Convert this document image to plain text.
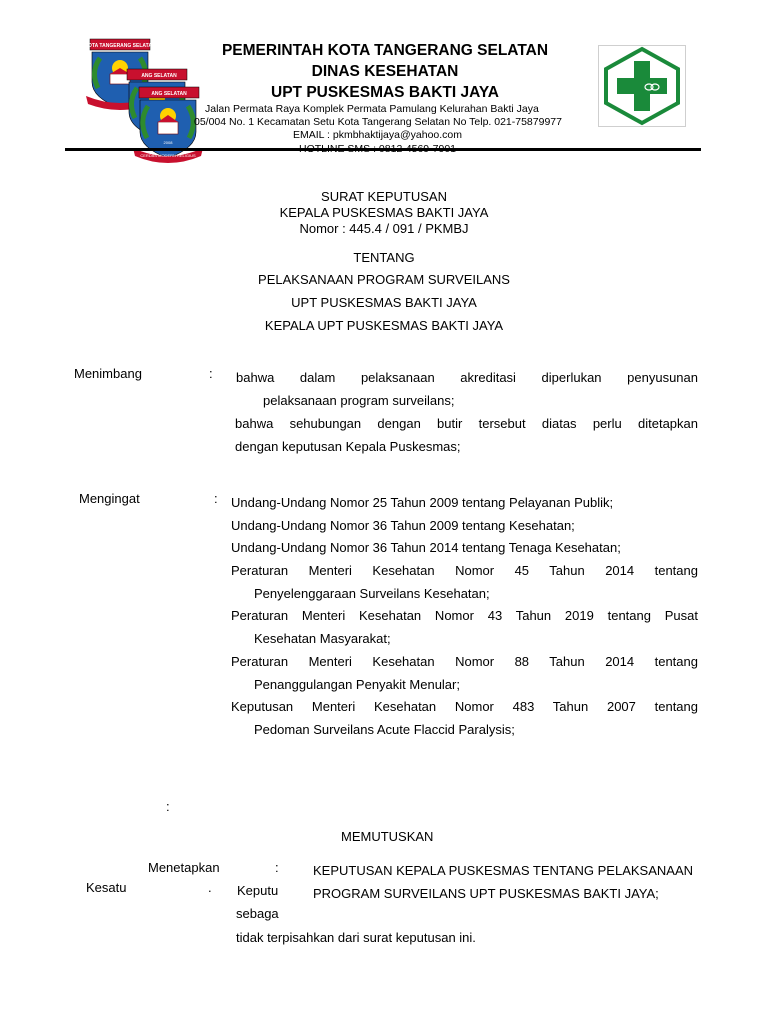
KOTA TANGERANG SELATAN
ANG SELATAN
ANG SELATAN
2008
CERDAS MODERN RELIGIUS
PEMERINTAH KOTA TANGERANG SELATAN
DINAS KESEHATAN
UPT PUSKESMAS BAKTI JAYA
Jalan Permata Raya Komplek Permata Pamulang Kelurahan Bakti Jaya
05/004 No. 1 Kecamatan Setu Kota Tangerang Selatan No Telp. 021-75879977
EMAIL : pkmbhaktijaya@yahoo.com
SURAT KEPUTUSAN
KEPALA PUSKESMAS BAKTI JAYA
Nomor : 445.4 / 091 / PKMBJ
TENTANG
PELAKSANAAN PROGRAM SURVEILANS
UPT PUSKESMAS BAKTI JAYA
KEPALA UPT PUSKESMAS BAKTI JAYA
Menimbang	: bahwa dalam pelaksanaan akreditasi diperlukan penyusunan
pelaksanaan program surveilans;
bahwa sehubungan dengan butir tersebut diatas perlu ditetapkan
dengan keputusan Kepala Puskesmas;
Mengingat	: Undang-Undang Nomor 25 Tahun 2009 tentang Pelayanan Publik;
Undang-Undang Nomor 36 Tahun 2009 tentang Kesehatan;
Undang-Undang Nomor 36 Tahun 2014 tentang Tenaga Kesehatan;
Peraturan Menteri Kesehatan Nomor 45 Tahun 2014 tentang
Penyelenggaraan Surveilans Kesehatan;
Peraturan Menteri Kesehatan Nomor 43 Tahun 2019 tentang Pusat
Kesehatan Masyarakat;
Peraturan Menteri Kesehatan Nomor 88 Tahun 2014 tentang
Penanggulangan Penyakit Menular;
Keputusan Menteri Kesehatan Nomor 483 Tahun 2007 tentang
Pedoman Surveilans Acute Flaccid Paralysis;
:
MEMUTUSKAN
Menetapkan	:	KEPUTUSAN KEPALA PUSKESMAS TENTANG PELAKSANAAN
PROGRAM SURVEILANS UPT PUSKESMAS BAKTI JAYA;
Kesatu	. Keputu
sebaga
tidak terpisahkan dari surat keputusan ini.
